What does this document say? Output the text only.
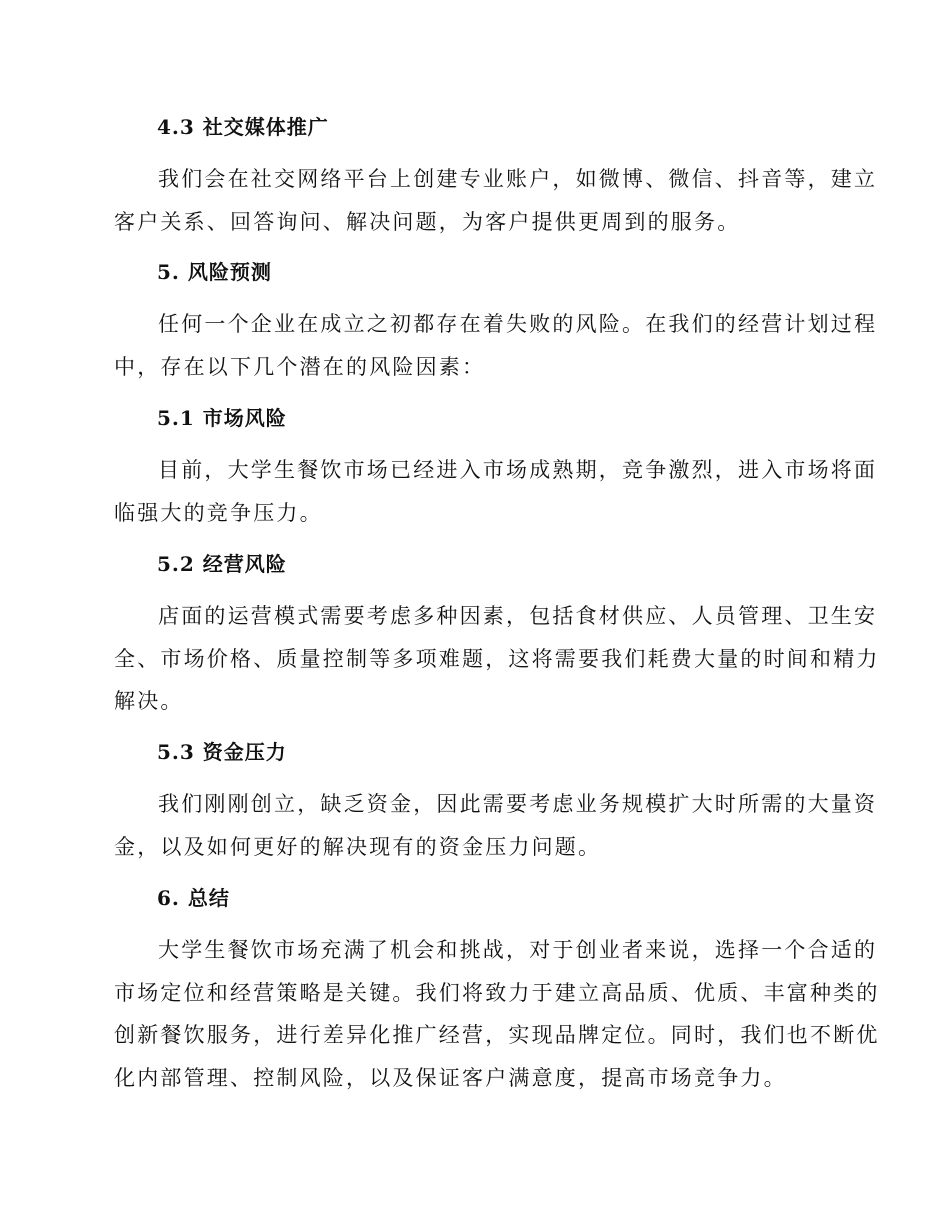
4.3 社交媒体推广
我们会在社交网络平台上创建专业账户，如微博、微信、抖音等，建立
客户关系、回答询问、解决问题，为客户提供更周到的服务。
5. 风险预测
任何一个企业在成立之初都存在着失败的风险。在我们的经营计划过程
中，存在以下几个潜在的风险因素：
5.1 市场风险
目前，大学生餐饮市场已经进入市场成熟期，竞争激烈，进入市场将面
临强大的竞争压力。
5.2 经营风险
店面的运营模式需要考虑多种因素，包括食材供应、人员管理、卫生安
全、市场价格、质量控制等多项难题，这将需要我们耗费大量的时间和精力
解决。
5.3 资金压力
我们刚刚创立，缺乏资金，因此需要考虑业务规模扩大时所需的大量资
金，以及如何更好的解决现有的资金压力问题。
6. 总结
大学生餐饮市场充满了机会和挑战，对于创业者来说，选择一个合适的
市场定位和经营策略是关键。我们将致力于建立高品质、优质、丰富种类的
创新餐饮服务，进行差异化推广经营，实现品牌定位。同时，我们也不断优
化内部管理、控制风险，以及保证客户满意度，提高市场竞争力。
